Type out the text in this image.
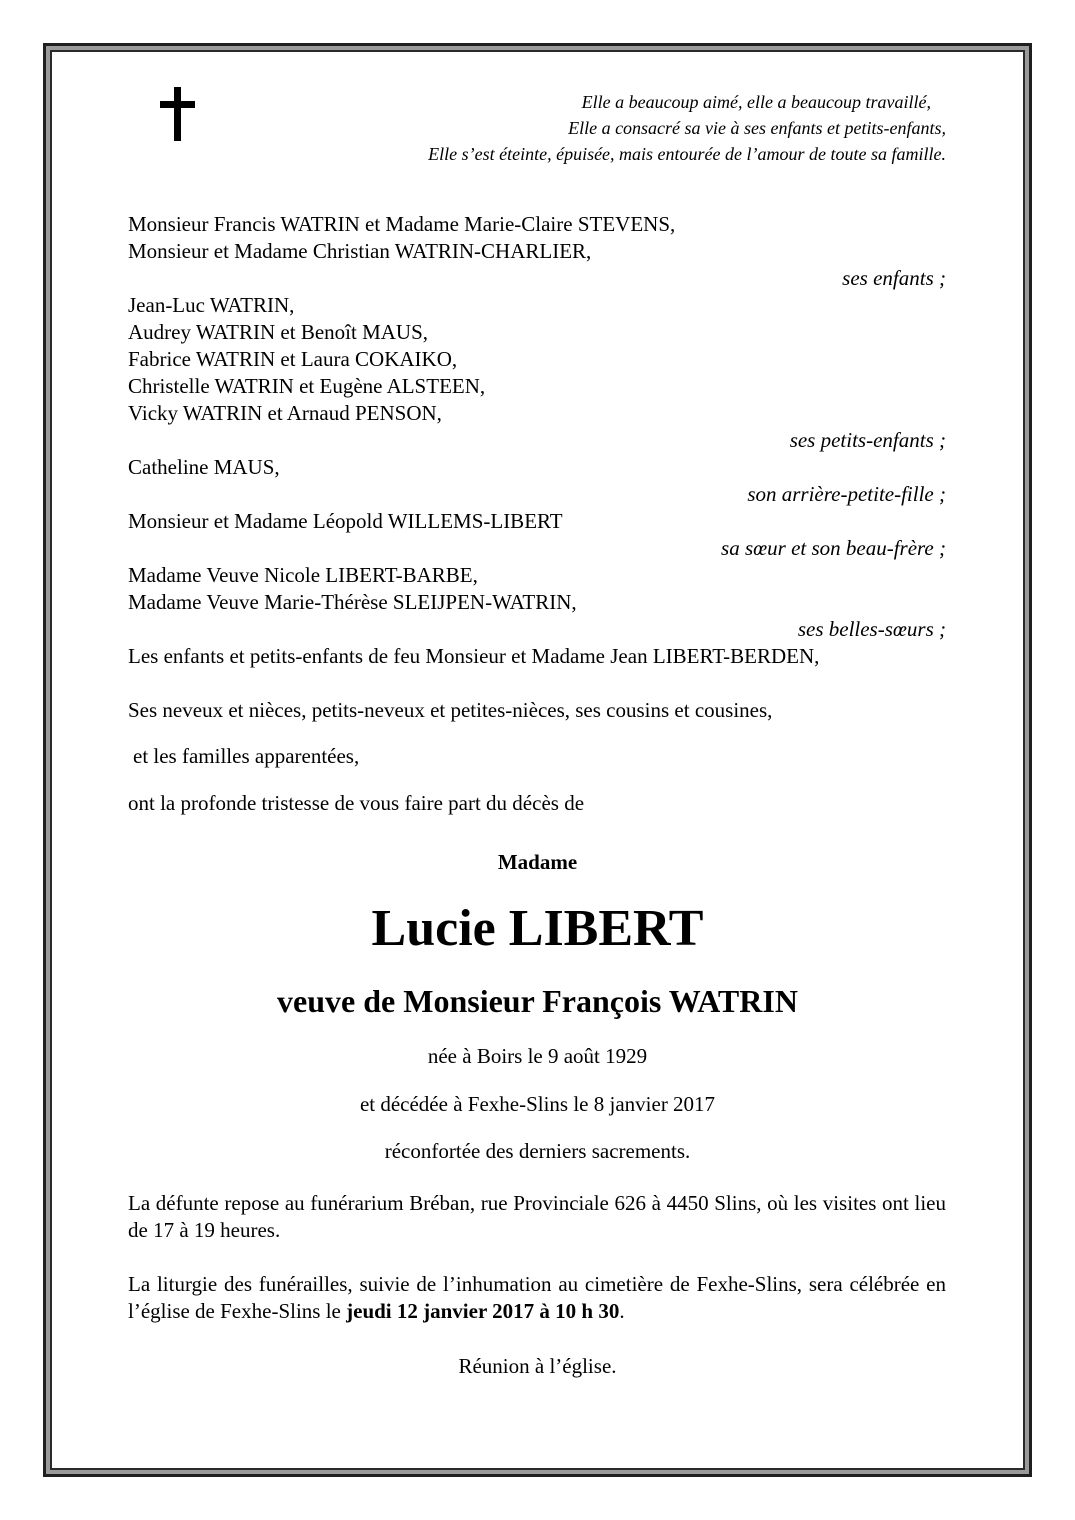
Elle a beaucoup aimé, elle a beaucoup travaillé,
Elle a consacré sa vie à ses enfants et petits-enfants,
Elle s’est éteinte, épuisée, mais entourée de l’amour de toute sa famille.
Monsieur Francis WATRIN et Madame Marie-Claire STEVENS,
Monsieur et Madame Christian WATRIN-CHARLIER,
ses enfants ;
Jean-Luc WATRIN,
Audrey WATRIN et Benoît MAUS,
Fabrice WATRIN et Laura COKAIKO,
Christelle WATRIN et Eugène ALSTEEN,
Vicky WATRIN et Arnaud PENSON,
ses petits-enfants ;
Catheline MAUS,
son arrière-petite-fille ;
Monsieur et Madame Léopold WILLEMS-LIBERT
sa sœur et son beau-frère ;
Madame Veuve Nicole LIBERT-BARBE,
Madame Veuve Marie-Thérèse SLEIJPEN-WATRIN,
ses belles-sœurs ;
Les enfants et petits-enfants de feu Monsieur et Madame Jean LIBERT-BERDEN,
Ses neveux et nièces, petits-neveux et petites-nièces, ses cousins et cousines,
et les familles apparentées,
ont la profonde tristesse de vous faire part du décès de
Madame
Lucie LIBERT
veuve de Monsieur François WATRIN
née à Boirs le 9 août 1929
et décédée à Fexhe-Slins le 8 janvier 2017
réconfortée des derniers sacrements.
La défunte repose au funérarium Bréban, rue Provinciale 626 à 4450 Slins, où les visites ont lieu de 17 à 19 heures.
La liturgie des funérailles, suivie de l’inhumation au cimetière de Fexhe-Slins, sera célébrée en l’église de Fexhe-Slins le jeudi 12 janvier 2017 à 10 h 30.
Réunion à l’église.
